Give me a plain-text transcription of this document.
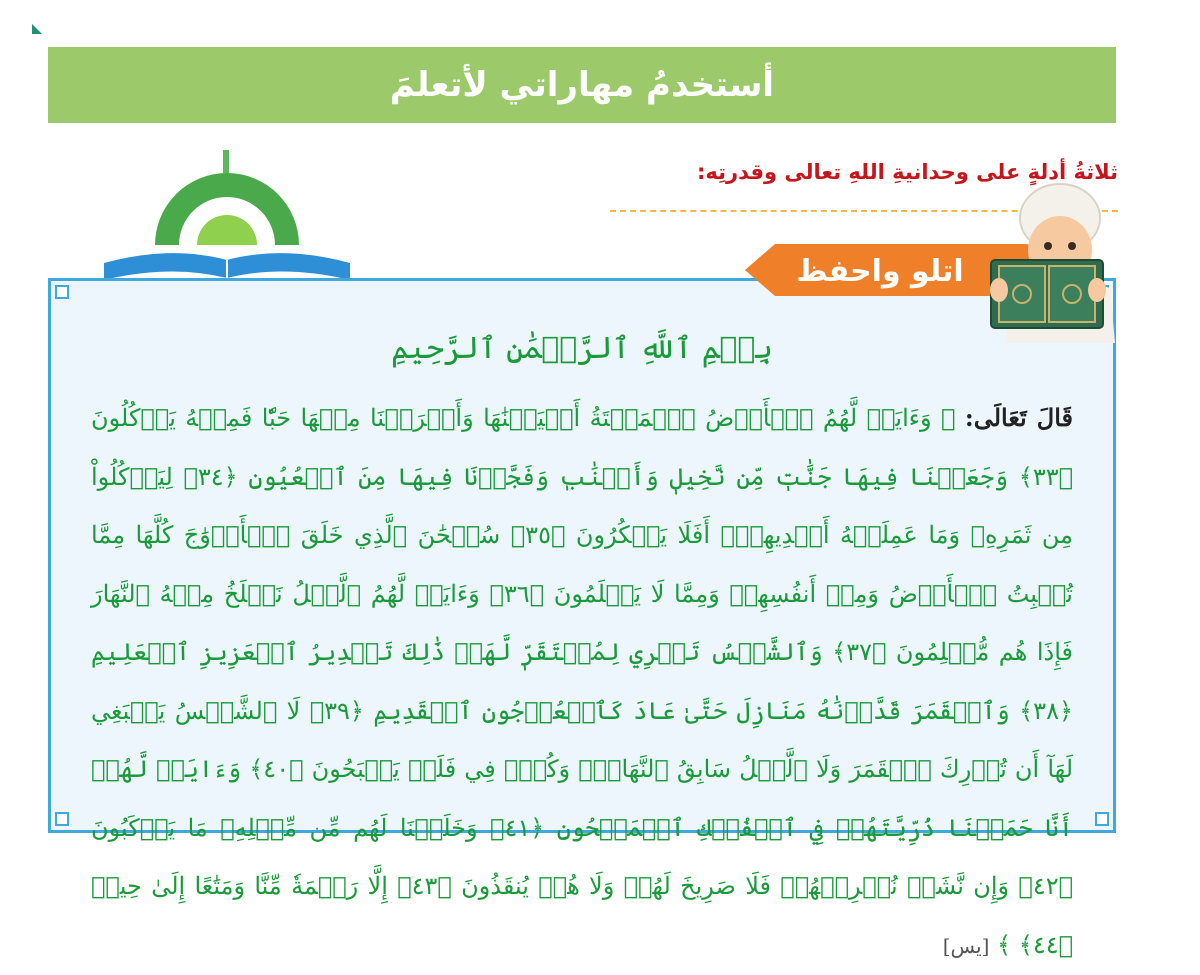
أستخدمُ مهاراتي لأتعلمَ
ثلاثةُ أدلةٍ على وحدانيةِ اللهِ تعالى وقدرتِه:
بِسۡمِ ٱللَّهِ ٱلرَّحۡمَٰنِ ٱلرَّحِيمِ
قَالَ تَعَالَى: ﴿ وَءَايَةٞ لَّهُمُ ٱلۡأَرۡضُ ٱلۡمَيۡتَةُ أَحۡيَيۡنَٰهَا وَأَخۡرَجۡنَا مِنۡهَا حَبّٗا فَمِنۡهُ يَأۡكُلُونَ ﴿٣٣﴾ وَجَعَلۡنَا فِيهَا جَنَّٰتٖ مِّن نَّخِيلٖ وَأَعۡنَٰبٖ وَفَجَّرۡنَا فِيهَا مِنَ ٱلۡعُيُونِ ﴿٣٤﴾ لِيَأۡكُلُواْ مِن ثَمَرِهِۦ وَمَا عَمِلَتۡهُ أَيۡدِيهِمۡۚ أَفَلَا يَشۡكُرُونَ ﴿٣٥﴾ سُبۡحَٰنَ ٱلَّذِي خَلَقَ ٱلۡأَزۡوَٰجَ كُلَّهَا مِمَّا تُنۢبِتُ ٱلۡأَرۡضُ وَمِنۡ أَنفُسِهِمۡ وَمِمَّا لَا يَعۡلَمُونَ ﴿٣٦﴾ وَءَايَةٞ لَّهُمُ ٱلَّيۡلُ نَسۡلَخُ مِنۡهُ ٱلنَّهَارَ فَإِذَا هُم مُّظۡلِمُونَ ﴿٣٧﴾ وَٱلشَّمۡسُ تَجۡرِي لِمُسۡتَقَرّٖ لَّهَاۚ ذَٰلِكَ تَقۡدِيرُ ٱلۡعَزِيزِ ٱلۡعَلِيمِ ﴿٣٨﴾ وَٱلۡقَمَرَ قَدَّرۡنَٰهُ مَنَازِلَ حَتَّىٰ عَادَ كَٱلۡعُرۡجُونِ ٱلۡقَدِيمِ ﴿٣٩﴾ لَا ٱلشَّمۡسُ يَنۢبَغِي لَهَآ أَن تُدۡرِكَ ٱلۡقَمَرَ وَلَا ٱلَّيۡلُ سَابِقُ ٱلنَّهَارِۚ وَكُلّٞ فِي فَلَكٖ يَسۡبَحُونَ ﴿٤٠﴾ وَءَايَةٞ لَّهُمۡ أَنَّا حَمَلۡنَا ذُرِّيَّتَهُمۡ فِي ٱلۡفُلۡكِ ٱلۡمَشۡحُونِ ﴿٤١﴾ وَخَلَقۡنَا لَهُم مِّن مِّثۡلِهِۦ مَا يَرۡكَبُونَ ﴿٤٢﴾ وَإِن نَّشَأۡ نُغۡرِقۡهُمۡ فَلَا صَرِيخَ لَهُمۡ وَلَا هُمۡ يُنقَذُونَ ﴿٤٣﴾ إِلَّا رَحۡمَةٗ مِّنَّا وَمَتَٰعًا إِلَىٰ حِينٖ ﴿٤٤﴾ ﴾ [يس]
اتلو واحفظ
